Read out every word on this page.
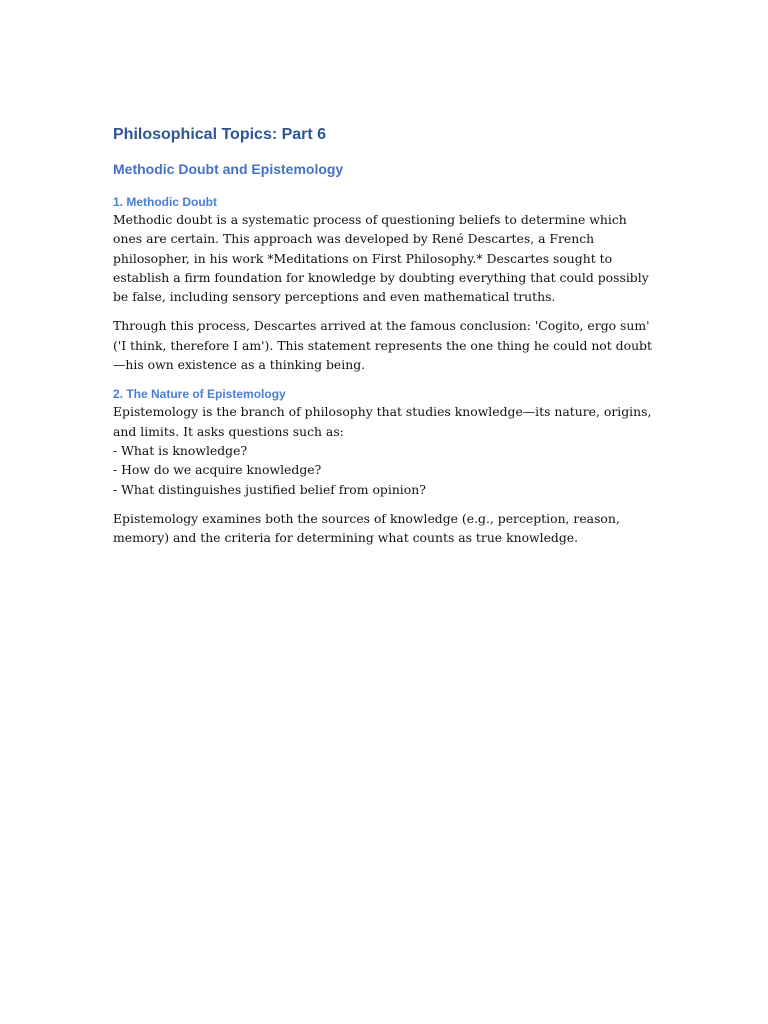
Philosophical Topics: Part 6
Methodic Doubt and Epistemology
1. Methodic Doubt

Methodic doubt is a systematic process of questioning beliefs to determine which ones are certain. This approach was developed by René Descartes, a French philosopher, in his work *Meditations on First Philosophy.* Descartes sought to establish a firm foundation for knowledge by doubting everything that could possibly be false, including sensory perceptions and even mathematical truths.

Through this process, Descartes arrived at the famous conclusion: 'Cogito, ergo sum' ('I think, therefore I am'). This statement represents the one thing he could not doubt—his own existence as a thinking being.

2. The Nature of Epistemology

Epistemology is the branch of philosophy that studies knowledge—its nature, origins, and limits. It asks questions such as:

- What is knowledge?

- How do we acquire knowledge?

- What distinguishes justified belief from opinion?

Epistemology examines both the sources of knowledge (e.g., perception, reason, memory) and the criteria for determining what counts as true knowledge.
